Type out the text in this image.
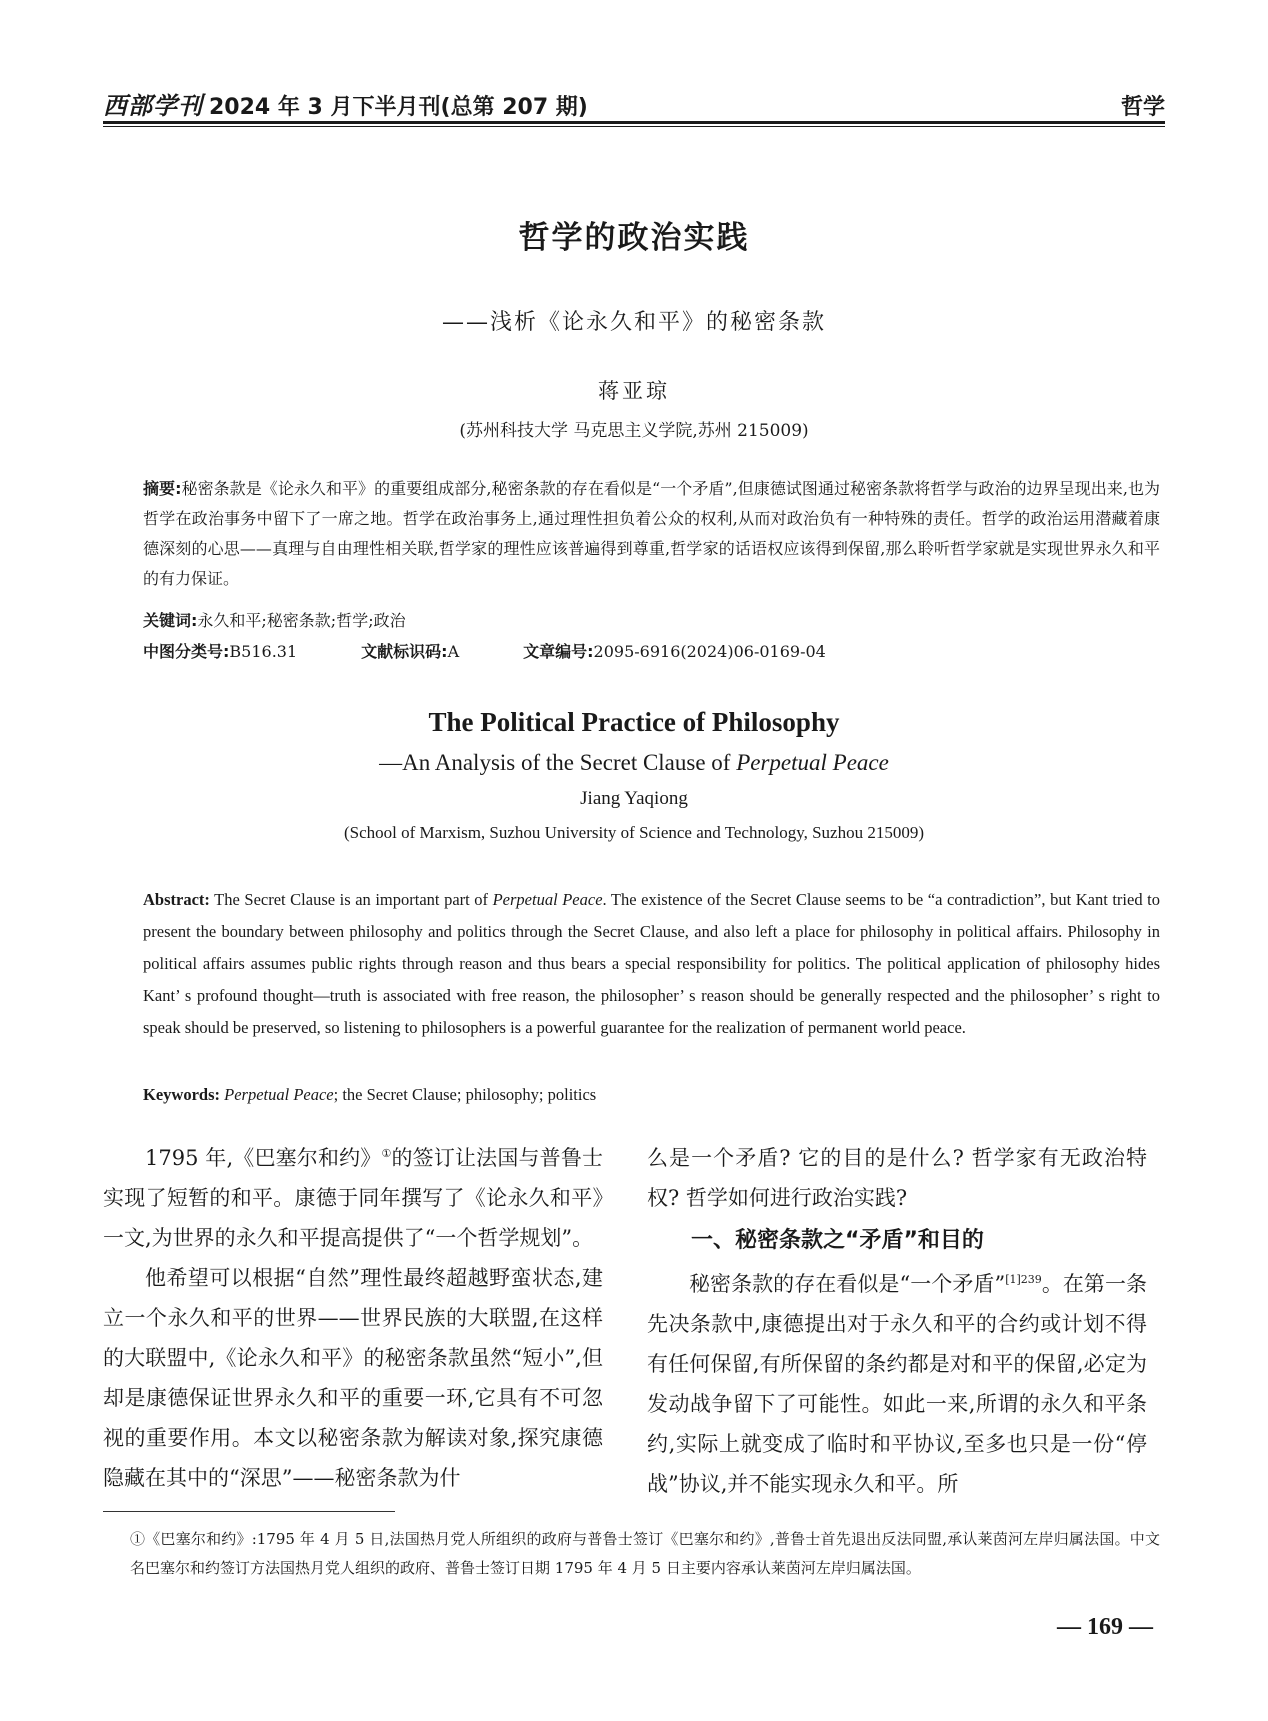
西部学刊 2024 年 3 月下半月刊(总第 207 期)	哲学
哲学的政治实践
——浅析《论永久和平》的秘密条款
蒋亚琼
(苏州科技大学 马克思主义学院,苏州 215009)
摘要:秘密条款是《论永久和平》的重要组成部分,秘密条款的存在看似是“一个矛盾”,但康德试图通过秘密条款将哲学与政治的边界呈现出来,也为哲学在政治事务中留下了一席之地。哲学在政治事务上,通过理性担负着公众的权利,从而对政治负有一种特殊的责任。哲学的政治运用潜藏着康德深刻的心思——真理与自由理性相关联,哲学家的理性应该普遍得到尊重,哲学家的话语权应该得到保留,那么聆听哲学家就是实现世界永久和平的有力保证。
关键词:永久和平;秘密条款;哲学;政治
中图分类号:B516.31	文献标识码:A	文章编号:2095-6916(2024)06-0169-04
The Political Practice of Philosophy
—An Analysis of the Secret Clause of Perpetual Peace
Jiang Yaqiong
(School of Marxism, Suzhou University of Science and Technology, Suzhou 215009)
Abstract: The Secret Clause is an important part of Perpetual Peace. The existence of the Secret Clause seems to be “a contradiction”, but Kant tried to present the boundary between philosophy and politics through the Secret Clause, and also left a place for philosophy in political affairs. Philosophy in political affairs assumes public rights through reason and thus bears a special responsibility for politics. The political application of philosophy hides Kant’ s profound thought—truth is associated with free reason, the philosopher’ s reason should be generally respected and the philosopher’ s right to speak should be preserved, so listening to philosophers is a powerful guarantee for the realization of permanent world peace.
Keywords: Perpetual Peace; the Secret Clause; philosophy; politics

1795 年,《巴塞尔和约》①的签订让法国与普鲁士实现了短暂的和平。康德于同年撰写了《论永久和平》一文,为世界的永久和平提高提供了“一个哲学规划”。

他希望可以根据“自然”理性最终超越野蛮状态,建立一个永久和平的世界——世界民族的大联盟,在这样的大联盟中,《论永久和平》的秘密条款虽然“短小”,但却是康德保证世界永久和平的重要一环,它具有不可忽视的重要作用。本文以秘密条款为解读对象,探究康德隐藏在其中的“深思”——秘密条款为什

么是一个矛盾? 它的目的是什么? 哲学家有无政治特权? 哲学如何进行政治实践?

一、秘密条款之“矛盾”和目的

秘密条款的存在看似是“一个矛盾”$^{[1]239}$。在第一条先决条款中,康德提出对于永久和平的合约或计划不得有任何保留,有所保留的条约都是对和平的保留,必定为发动战争留下了可能性。如此一来,所谓的永久和平条约,实际上就变成了临时和平协议,至多也只是一份“停战”协议,并不能实现永久和平。所

①《巴塞尔和约》:1795 年 4 月 5 日,法国热月党人所组织的政府与普鲁士签订《巴塞尔和约》,普鲁士首先退出反法同盟,承认莱茵河左岸归属法国。中文名巴塞尔和约签订方法国热月党人组织的政府、普鲁士签订日期 1795 年 4 月 5 日主要内容承认莱茵河左岸归属法国。
— 169 —
